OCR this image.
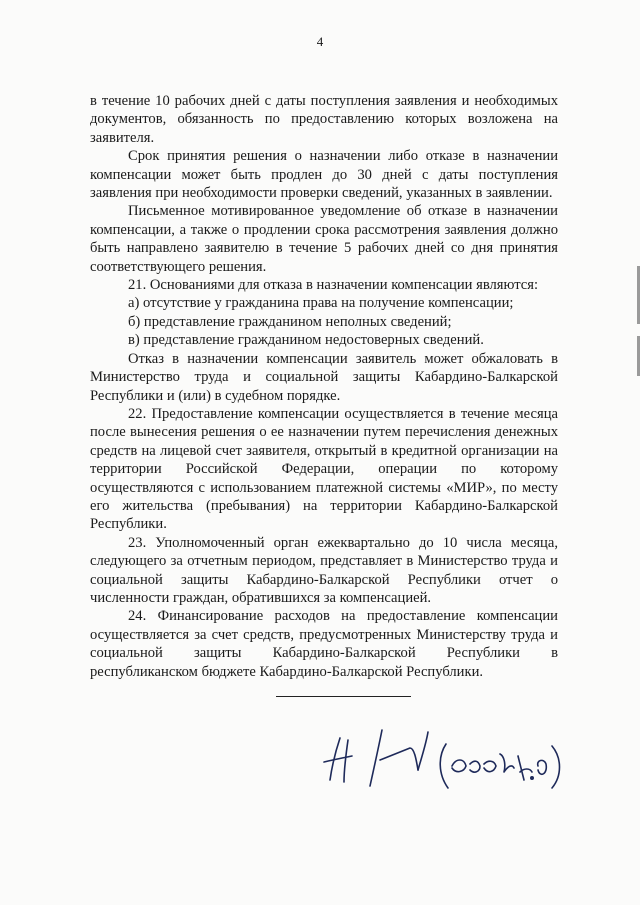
4

в течение 10 рабочих дней с даты поступления заявления и необходимых документов, обязанность по предоставлению которых возложена на заявителя.

Срок принятия решения о назначении либо отказе в назначении компенсации может быть продлен до 30 дней с даты поступления заявления при необходимости проверки сведений, указанных в заявлении.

Письменное мотивированное уведомление об отказе в назначении компенсации, а также о продлении срока рассмотрения заявления должно быть направлено заявителю в течение 5 рабочих дней со дня принятия соответствующего решения.

21. Основаниями для отказа в назначении компенсации являются:

а) отсутствие у гражданина права на получение компенсации;

б) представление гражданином неполных сведений;

в) представление гражданином недостоверных сведений.

Отказ в назначении компенсации заявитель может обжаловать в Министерство труда и социальной защиты Кабардино-Балкарской Республики и (или) в судебном порядке.

22. Предоставление компенсации осуществляется в течение месяца после вынесения решения о ее назначении путем перечисления денежных средств на лицевой счет заявителя, открытый в кредитной организации на территории Российской Федерации, операции по которому осуществляются с использованием платежной системы «МИР», по месту его жительства (пребывания) на территории Кабардино-Балкарской Республики.

23. Уполномоченный орган ежеквартально до 10 числа месяца, следующего за отчетным периодом, представляет в Министерство труда и социальной защиты Кабардино-Балкарской Республики отчет о численности граждан, обратившихся за компенсацией.

24. Финансирование расходов на предоставление компенсации осуществляется за счет средств, предусмотренных Министерству труда и социальной защиты Кабардино-Балкарской Республики в республиканском бюджете Кабардино-Балкарской Республики.
